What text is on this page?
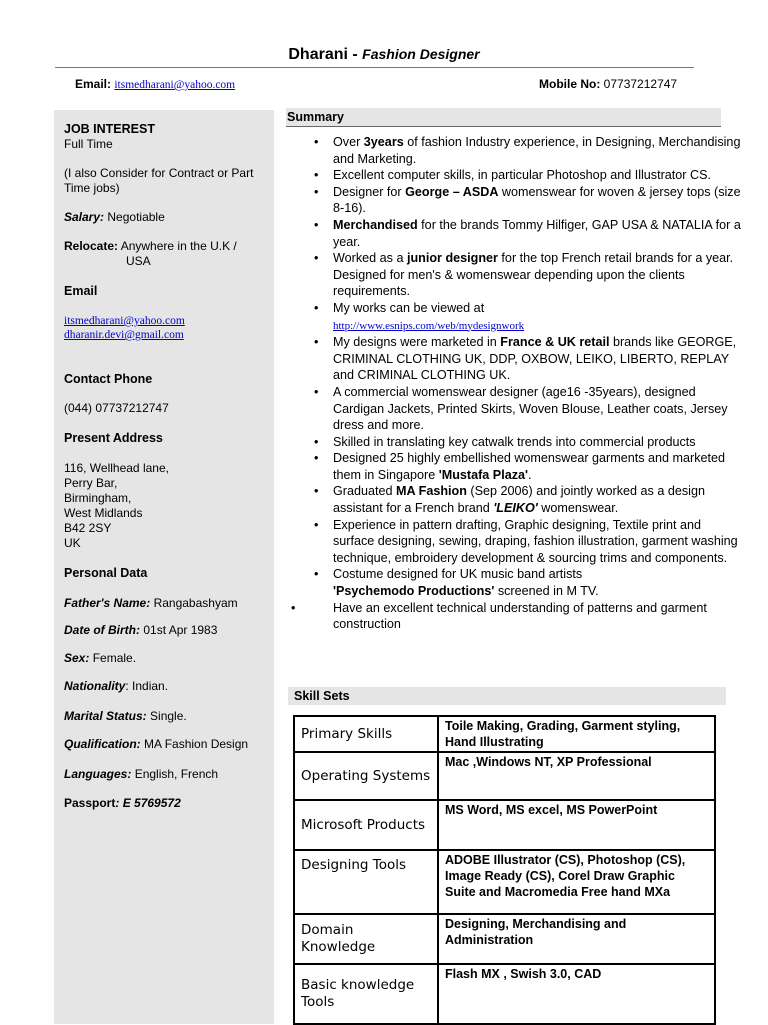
Dharani - Fashion Designer
Email: itsmedharani@yahoo.com	Mobile No: 07737212747
JOB INTEREST
Full Time
(I also Consider for Contract or Part Time jobs)
Salary: Negotiable
Relocate: Anywhere in the U.K /
USA
Email
itsmedharani@yahoo.com
dharanir.devi@gmail.com
Contact Phone
(044) 07737212747
Present Address
116, Wellhead lane,
Perry Bar,
Birmingham,
West Midlands
B42 2SY
UK
Personal Data
Father's Name: Rangabashyam
Date of Birth: 01st Apr 1983
Sex: Female.
Nationality: Indian.
Marital Status: Single.
Qualification: MA Fashion Design
Languages: English, French
Passport: E 5769572
Summary
• Over 3years of fashion Industry experience, in Designing, Merchandising and Marketing.
• Excellent computer skills, in particular Photoshop and Illustrator CS.
• Designer for George – ASDA womenswear for woven & jersey tops (size 8-16).
• Merchandised for the brands Tommy Hilfiger, GAP USA & NATALIA for a year.
• Worked as a junior designer for the top French retail brands for a year. Designed for men's & womenswear depending upon the clients requirements.
• My works can be viewed at
http://www.esnips.com/web/mydesignwork
• My designs were marketed in France & UK retail brands like GEORGE, CRIMINAL CLOTHING UK, DDP, OXBOW, LEIKO, LIBERTO, REPLAY and CRIMINAL CLOTHING UK.
• A commercial womenswear designer (age16 -35years), designed Cardigan Jackets, Printed Skirts, Woven Blouse, Leather coats, Jersey dress and more.
• Skilled in translating key catwalk trends into commercial products
• Designed 25 highly embellished womenswear garments and marketed them in Singapore 'Mustafa Plaza'.
• Graduated MA Fashion (Sep 2006) and jointly worked as a design assistant for a French brand 'LEIKO' womenswear.
• Experience in pattern drafting, Graphic designing, Textile print and surface designing, sewing, draping, fashion illustration, garment washing technique, embroidery development & sourcing trims and components.
• Costume designed for UK music band artists
'Psychemodo Productions' screened in M TV.
• Have an excellent technical understanding of patterns and garment construction
Skill Sets
Primary Skills	Toile Making, Grading, Garment styling, Hand Illustrating
Operating Systems	Mac ,Windows NT, XP Professional
Microsoft Products	MS Word, MS excel, MS PowerPoint
Designing Tools	ADOBE Illustrator (CS), Photoshop (CS), Image Ready (CS), Corel Draw Graphic Suite and Macromedia Free hand MXa
Domain Knowledge	Designing, Merchandising and Administration
Basic knowledge Tools	Flash MX , Swish 3.0, CAD
